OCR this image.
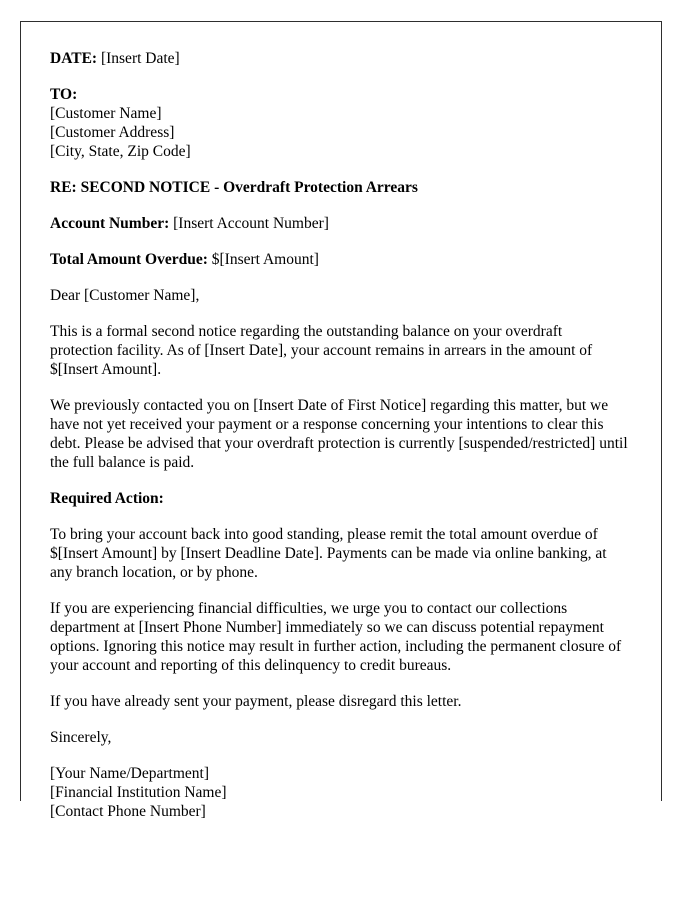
DATE: [Insert Date]

TO:
[Customer Name]
[Customer Address]
[City, State, Zip Code]

RE: SECOND NOTICE - Overdraft Protection Arrears

Account Number: [Insert Account Number]

Total Amount Overdue: $[Insert Amount]

Dear [Customer Name],

This is a formal second notice regarding the outstanding balance on your overdraft protection facility. As of [Insert Date], your account remains in arrears in the amount of $[Insert Amount].

We previously contacted you on [Insert Date of First Notice] regarding this matter, but we have not yet received your payment or a response concerning your intentions to clear this debt. Please be advised that your overdraft protection is currently [suspended/restricted] until the full balance is paid.

Required Action:

To bring your account back into good standing, please remit the total amount overdue of $[Insert Amount] by [Insert Deadline Date]. Payments can be made via online banking, at any branch location, or by phone.

If you are experiencing financial difficulties, we urge you to contact our collections department at [Insert Phone Number] immediately so we can discuss potential repayment options. Ignoring this notice may result in further action, including the permanent closure of your account and reporting of this delinquency to credit bureaus.

If you have already sent your payment, please disregard this letter.

Sincerely,

[Your Name/Department]
[Financial Institution Name]
[Contact Phone Number]
